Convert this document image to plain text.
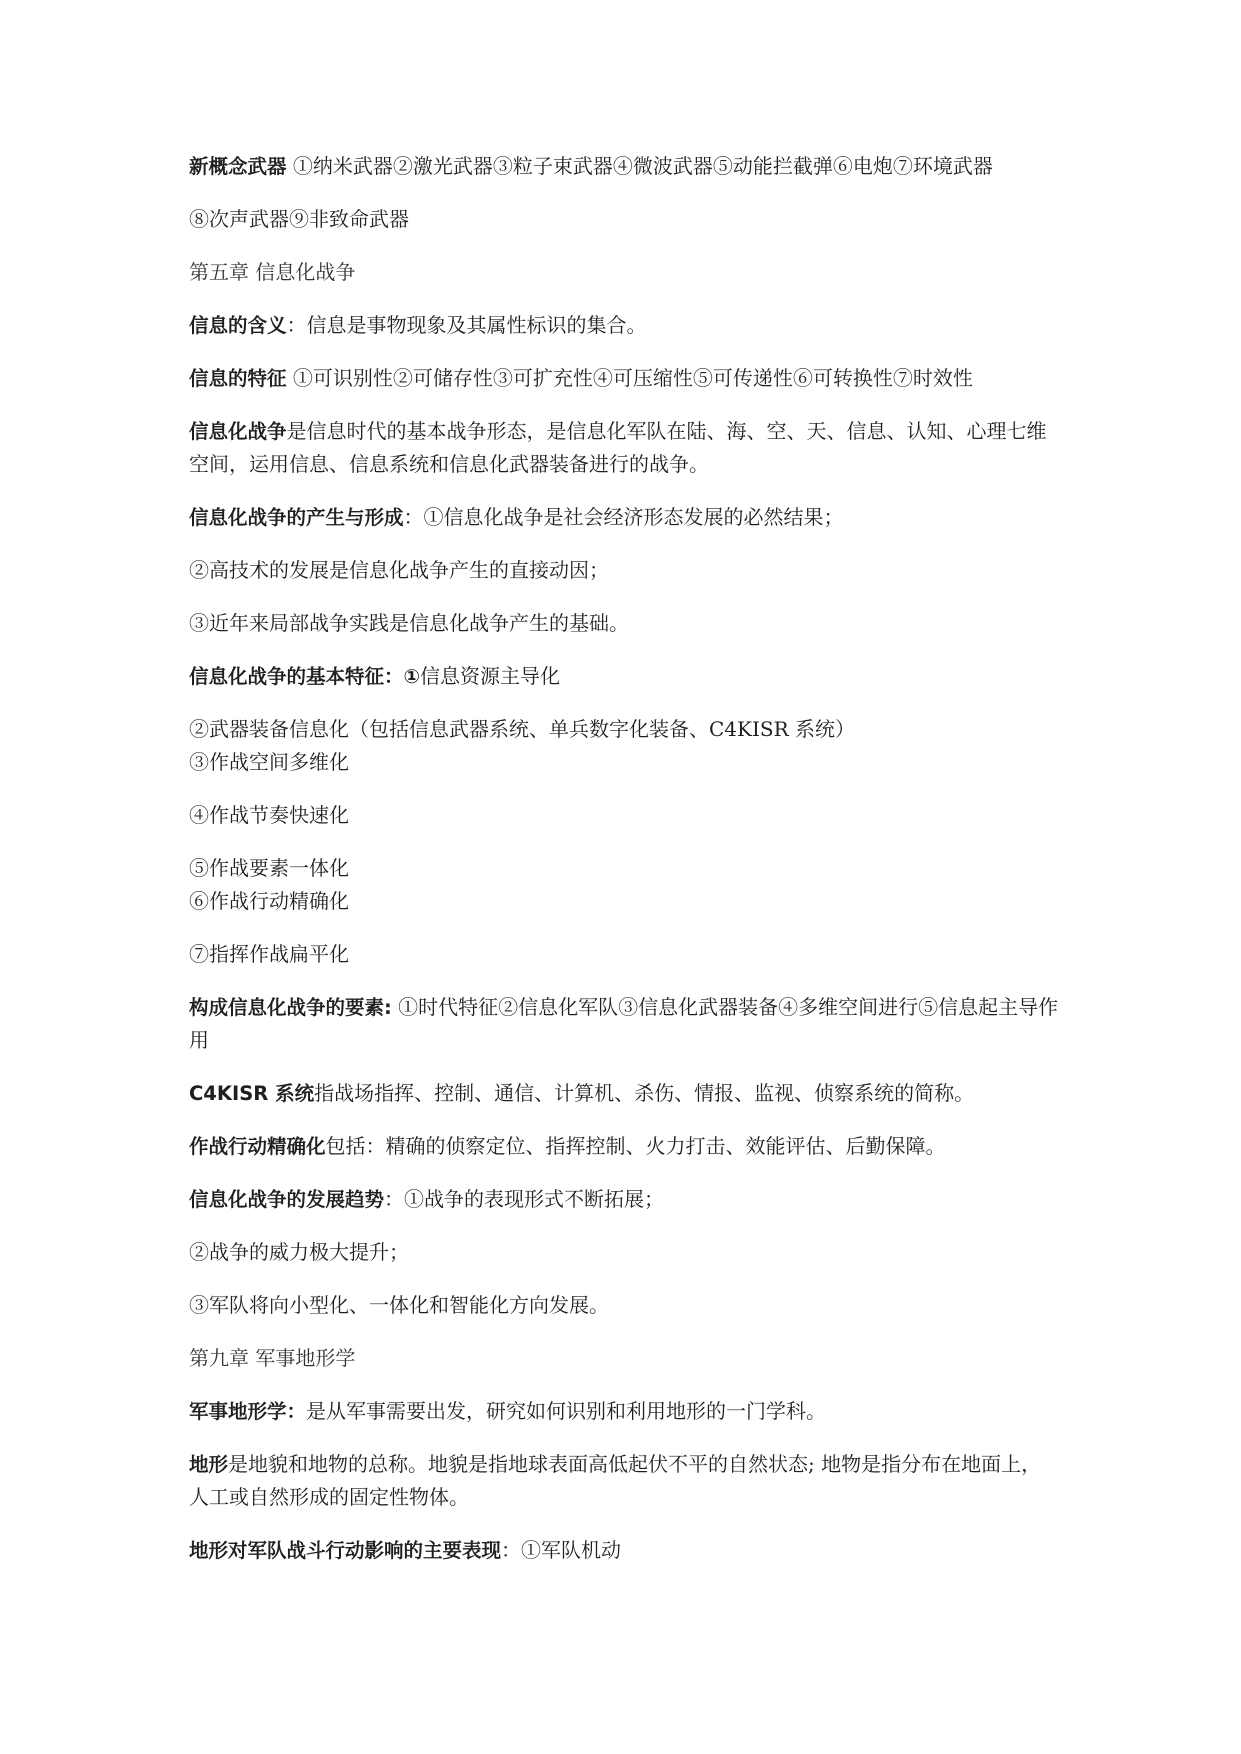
新概念武器 ①纳米武器②激光武器③粒子束武器④微波武器⑤动能拦截弹⑥电炮⑦环境武器

⑧次声武器⑨非致命武器

第五章 信息化战争

信息的含义：信息是事物现象及其属性标识的集合。

信息的特征 ①可识别性②可储存性③可扩充性④可压缩性⑤可传递性⑥可转换性⑦时效性

信息化战争是信息时代的基本战争形态，是信息化军队在陆、海、空、天、信息、认知、心理七维空间，运用信息、信息系统和信息化武器装备进行的战争。

信息化战争的产生与形成：①信息化战争是社会经济形态发展的必然结果；

②高技术的发展是信息化战争产生的直接动因；

③近年来局部战争实践是信息化战争产生的基础。

信息化战争的基本特征：①信息资源主导化

②武器装备信息化（包括信息武器系统、单兵数字化装备、C4KISR 系统）

③作战空间多维化

④作战节奏快速化

⑤作战要素一体化

⑥作战行动精确化

⑦指挥作战扁平化

构成信息化战争的要素: ①时代特征②信息化军队③信息化武器装备④多维空间进行⑤信息起主导作用

C4KISR 系统指战场指挥、控制、通信、计算机、杀伤、情报、监视、侦察系统的简称。

作战行动精确化包括：精确的侦察定位、指挥控制、火力打击、效能评估、后勤保障。

信息化战争的发展趋势：①战争的表现形式不断拓展；

②战争的威力极大提升；

③军队将向小型化、一体化和智能化方向发展。

第九章 军事地形学

军事地形学：是从军事需要出发，研究如何识别和利用地形的一门学科。

地形是地貌和地物的总称。地貌是指地球表面高低起伏不平的自然状态; 地物是指分布在地面上，人工或自然形成的固定性物体。

地形对军队战斗行动影响的主要表现：①军队机动
